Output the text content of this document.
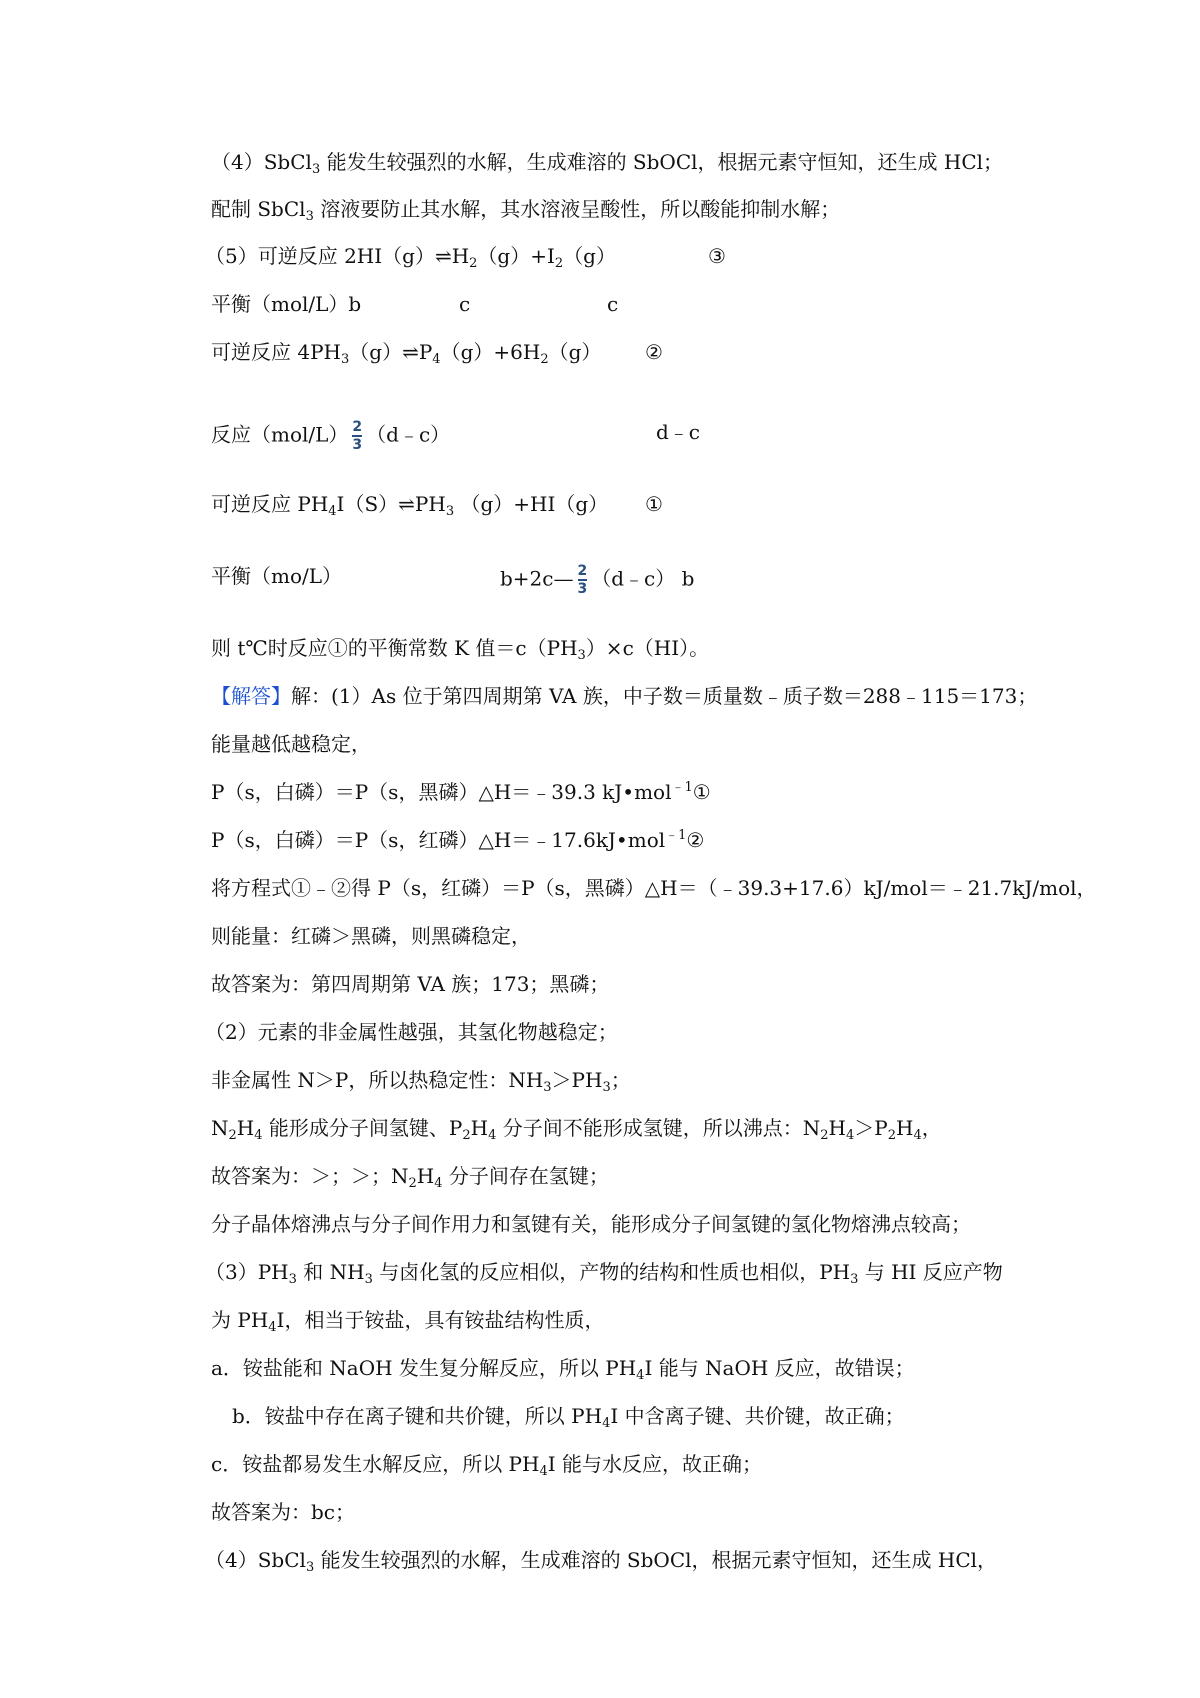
（4）SbCl$_3$ 能发生较强烈的水解，生成难溶的 SbOCl，根据元素守恒知，还生成 HCl；
配制 SbCl$_3$ 溶液要防止其水解，其水溶液呈酸性，所以酸能抑制水解；
（5）可逆反应 $2HI(g)\rightleftharpoons H_2(g)+I_2(g)$	③
平衡（mol/L）b	c	c
可逆反应 $4PH_3(g)\rightleftharpoons P_4(g)+6H_2(g)$ ②
反应$(mol/L) \frac{2}{3}$ （d﹣c）	d﹣c
可逆反应 $PH_4I(S)\rightleftharpoons PH_3$ （g）+HI（g） ①
平衡（mo/L）	b+2c— $\frac{2}{3}$ （d﹣c） b
则 t℃时反应①的平衡常数 K 值$=c(PH_3)\times c(HI)$。
【解答】解：(1）As 位于第四周期第 VA 族，中子数＝质量数﹣质子数＝288﹣115＝173；
能量越低越稳定，
P（s，白磷）＝P（s，黑磷）△H＝﹣39.3 kJ•mol$^{﹣1}$①
P（s，白磷）＝P（s，红磷）△H＝﹣17.6kJ•mol$^{﹣1}$②
将方程式①﹣②得 P（s，红磷）＝P（s，黑磷）△H＝（﹣39.3+17.6）kJ/mol＝﹣21.7kJ/mol，
则能量：红磷＞黑磷，则黑磷稳定，
故答案为：第四周期第 VA 族；173；黑磷；
（2）元素的非金属性越强，其氢化物越稳定；
非金属性 N＞P，所以热稳定性：$NH_3>PH_3$；
$N_2H_4$ 能形成分子间氢键、$P_2H_4$ 分子间不能形成氢键，所以沸点：$N_2H_4>P_2H_4$，
故答案为：＞；＞；$N_2H_4$ 分子间存在氢键；
分子晶体熔沸点与分子间作用力和氢键有关，能形成分子间氢键的氢化物熔沸点较高；
$(3)PH_3$ 和 $NH_3$ 与卤化氢的反应相似，产物的结构和性质也相似，$PH_3$ 与 HI 反应产物
为 $PH_4I$，相当于铵盐，具有铵盐结构性质，
a．铵盐能和 NaOH 发生复分解反应，所以 $PH_4I$ 能与 NaOH 反应，故错误；
b．铵盐中存在离子键和共价键，所以 $PH_4I$ 中含离子键、共价键，故正确；
c．铵盐都易发生水解反应，所以 $PH_4I$ 能与水反应，故正确；
故答案为：bc；
（4）SbCl$_3$ 能发生较强烈的水解，生成难溶的 SbOCl，根据元素守恒知，还生成 HCl，
